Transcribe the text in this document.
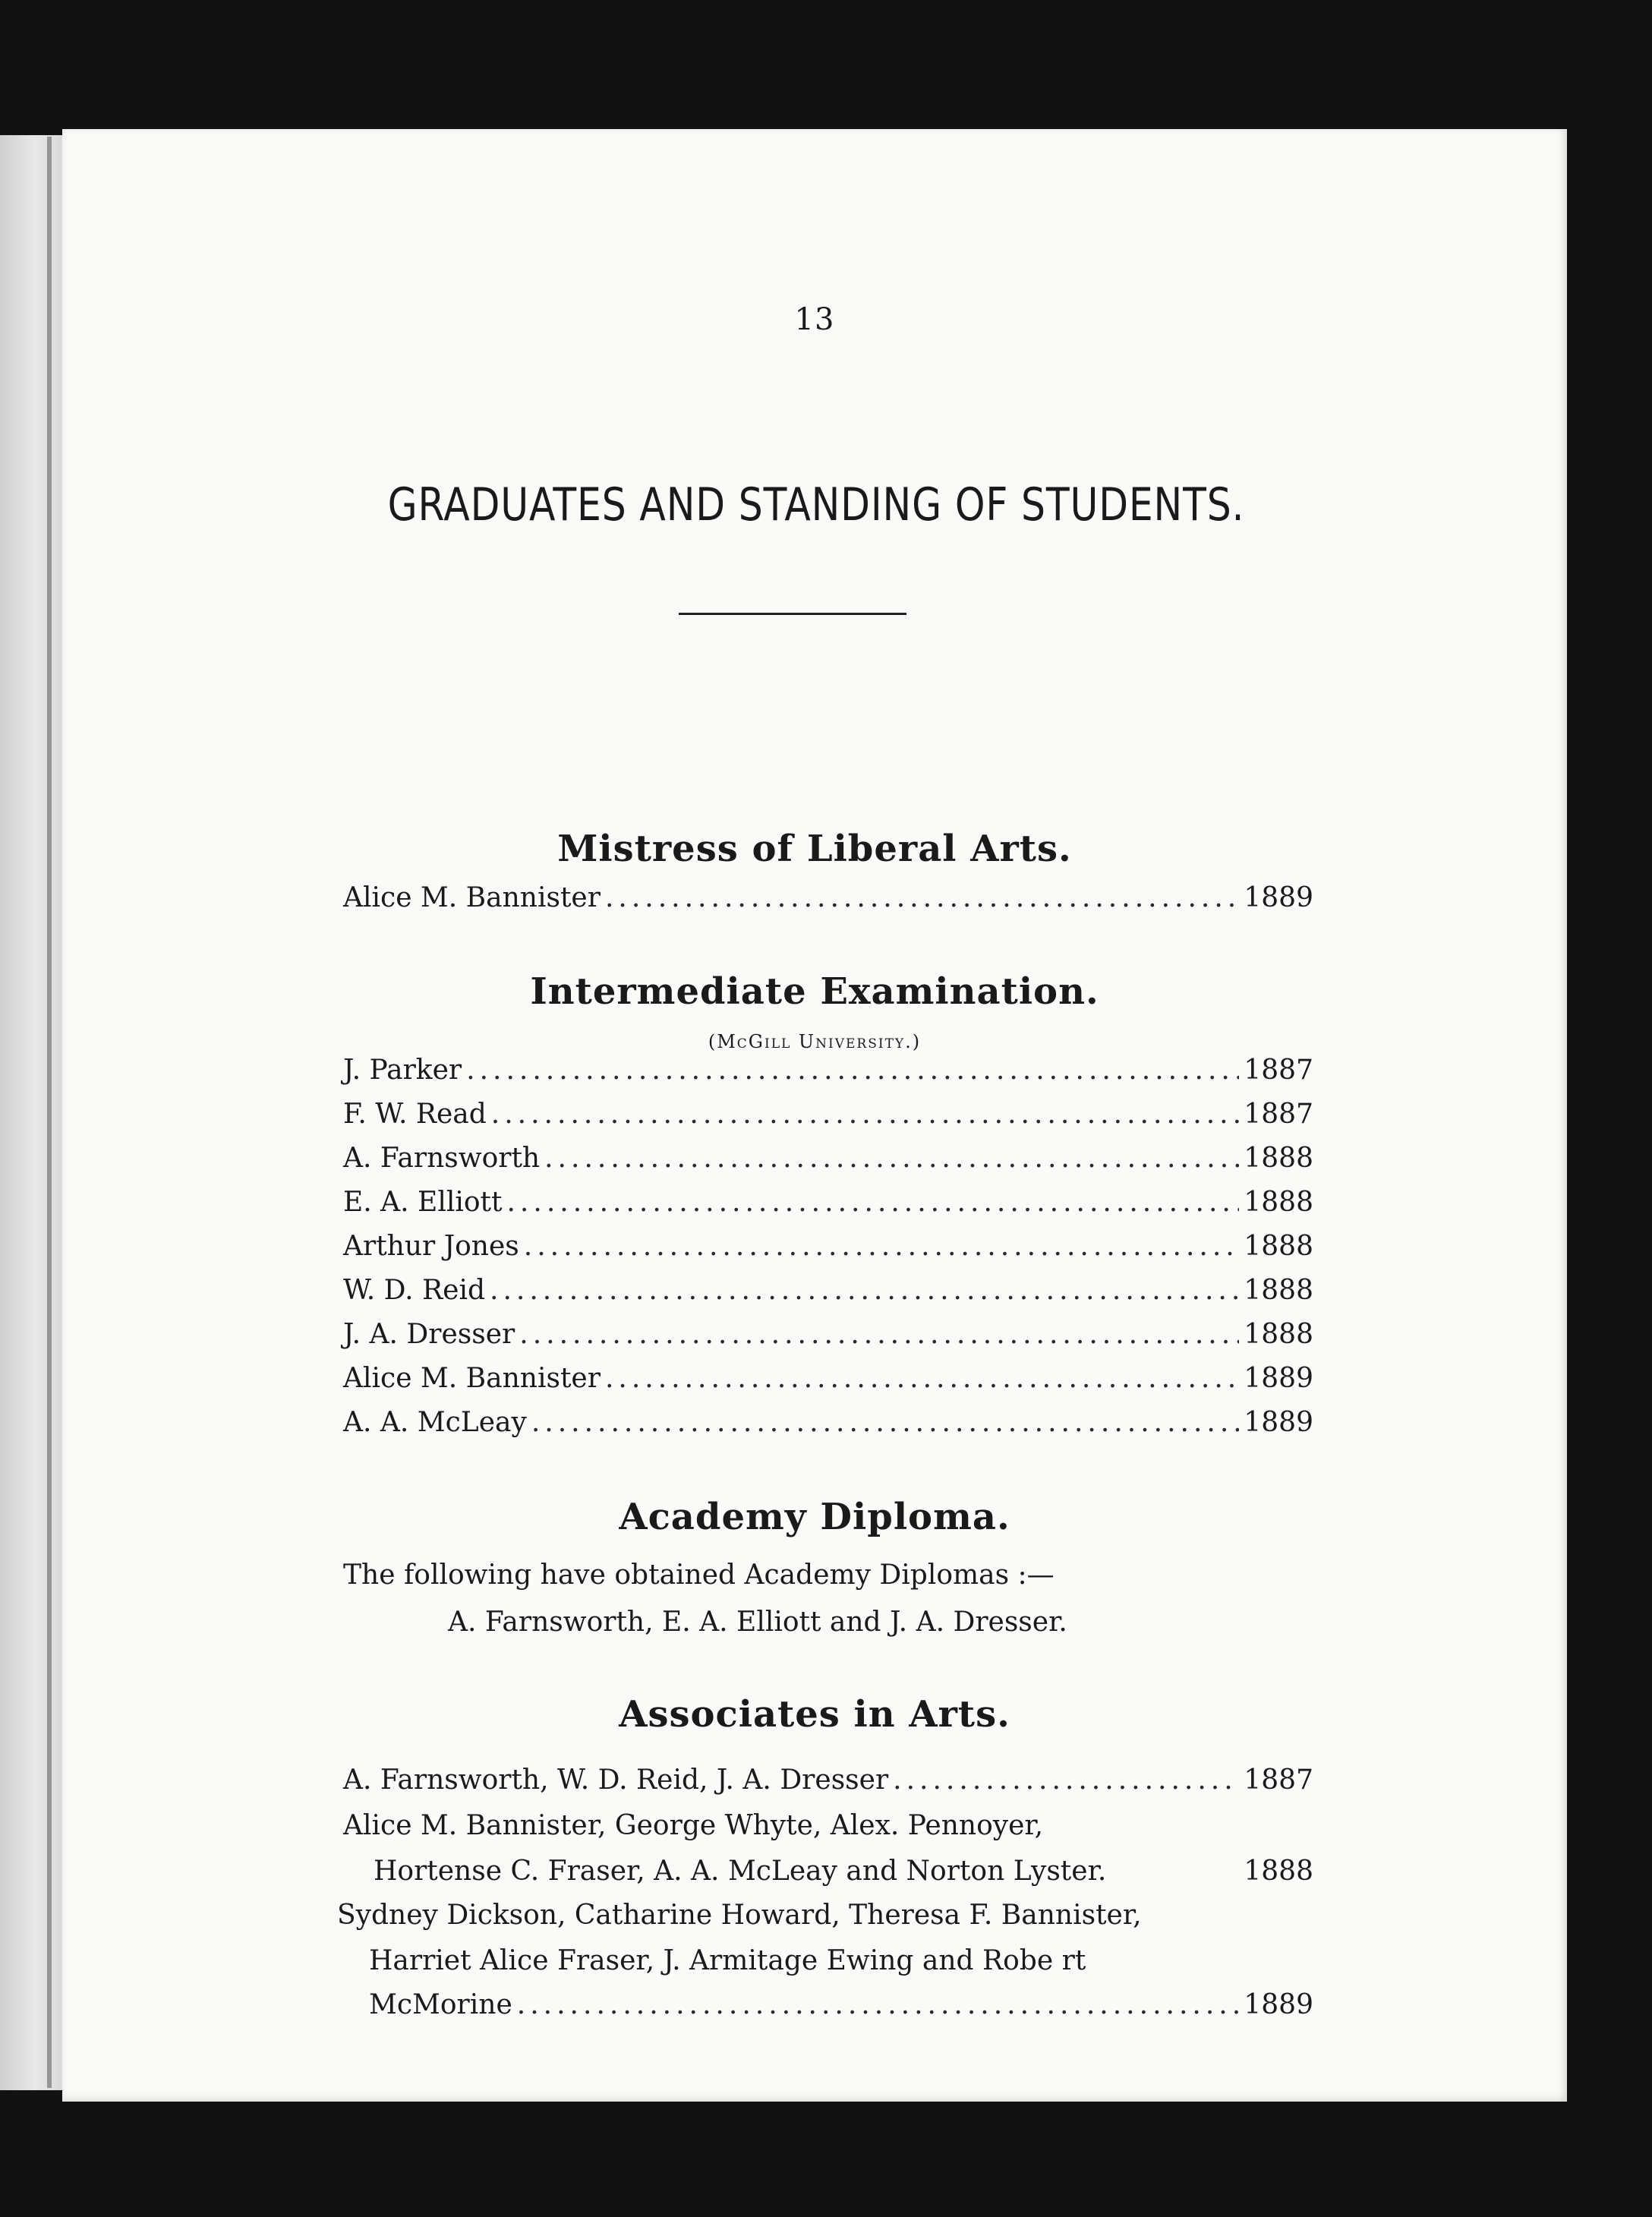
13
GRADUATES AND STANDING OF STUDENTS.
Mistress of Liberal Arts.
Alice M. Bannister .....	1889
Intermediate Examination.
(McGill University.)
J. Parker .....	1887
F. W. Read .....	1887
A. Farnsworth .....	1888
E. A. Elliott .....	1888
Arthur Jones .....	1888
W. D. Reid .....	1888
J. A. Dresser .....	1888
Alice M. Bannister .....	1889
A. A. McLeay .....	1889
Academy Diploma.
The following have obtained Academy Diplomas :—
A. Farnsworth, E. A. Elliott and J. A. Dresser.
Associates in Arts.
A. Farnsworth, W. D. Reid, J. A. Dresser .....	1887
Alice M. Bannister, George Whyte, Alex. Pennoyer,
Hortense C. Fraser, A. A. McLeay and Norton Lyster.	1888
Sydney Dickson, Catharine Howard, Theresa F. Bannister,
Harriet Alice Fraser, J. Armitage Ewing and Robe rt
McMorine .....	1889
